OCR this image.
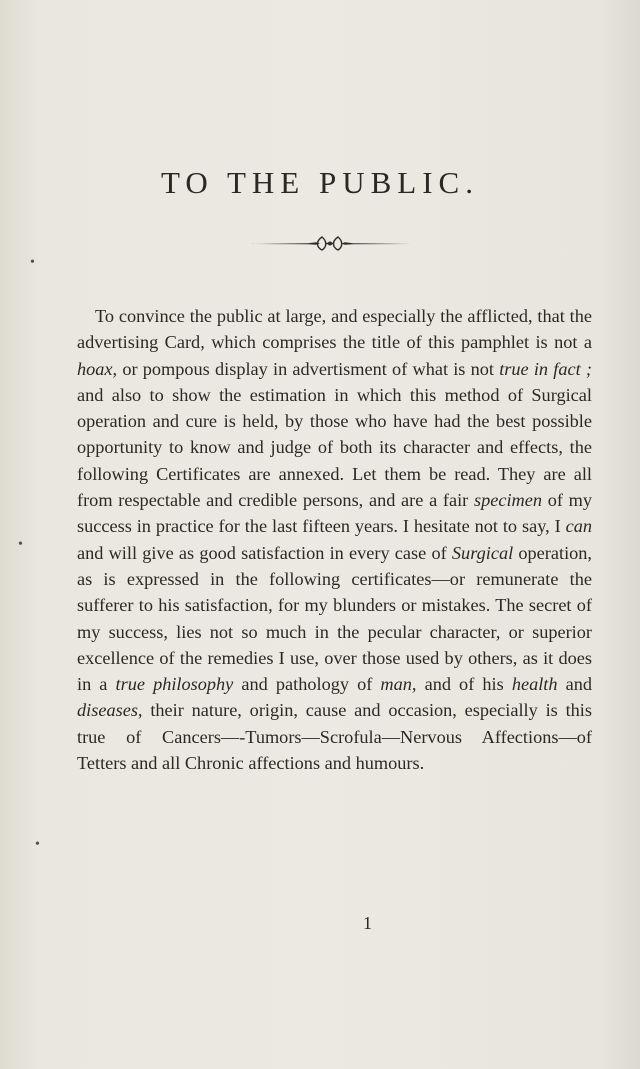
TO THE PUBLIC.

To convince the public at large, and especially the afflicted, that the advertising Card, which comprises the title of this pamphlet is not a hoax, or pompous display in advertisment of what is not true in fact ; and also to show the estimation in which this method of Surgical operation and cure is held, by those who have had the best possible opportunity to know and judge of both its character and effects, the following Certificates are annexed. Let them be read. They are all from respectable and credible persons, and are a fair specimen of my success in practice for the last fifteen years. I hesitate not to say, I can and will give as good satisfaction in every case of Surgical operation, as is expressed in the following certificates—or remunerate the sufferer to his satisfaction, for my blunders or mistakes. The secret of my success, lies not so much in the pecular character, or superior excellence of the remedies I use, over those used by others, as it does in a true philosophy and pathology of man, and of his health and diseases, their nature, origin, cause and occasion, especially is this true of Cancers—-Tumors—Scrofula—Nervous Affections—of Tetters and all Chronic affections and humours.

1
•
•
•
